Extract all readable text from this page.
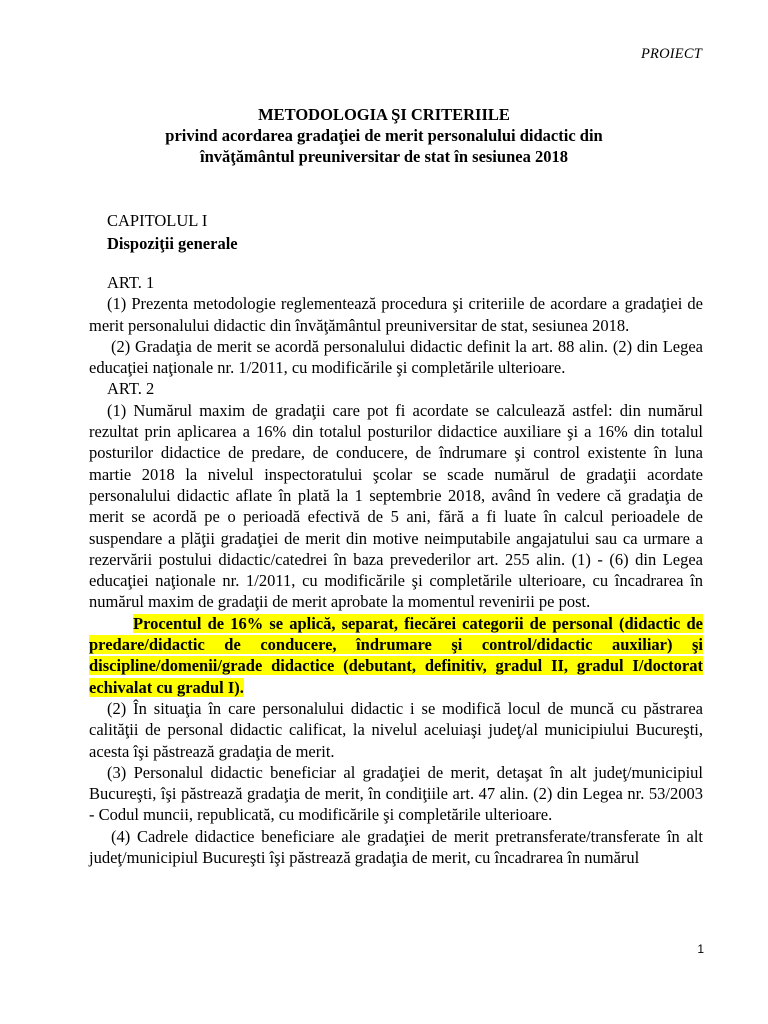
PROIECT
METODOLOGIA ŞI CRITERIILE
privind acordarea gradaţiei de merit personalului didactic din
învăţământul preuniversitar de stat în sesiunea 2018
CAPITOLUL I
Dispoziţii generale

ART. 1

(1) Prezenta metodologie reglementează procedura şi criteriile de acordare a gradaţiei de merit personalului didactic din învăţământul preuniversitar de stat, sesiunea 2018.

(2) Gradaţia de merit se acordă personalului didactic definit la art. 88 alin. (2) din Legea educaţiei naţionale nr. 1/2011, cu modificările şi completările ulterioare.

ART. 2

(1) Numărul maxim de gradaţii care pot fi acordate se calculează astfel: din numărul rezultat prin aplicarea a 16% din totalul posturilor didactice auxiliare şi a 16% din totalul posturilor didactice de predare, de conducere, de îndrumare şi control existente în luna martie 2018 la nivelul inspectoratului şcolar se scade numărul de gradaţii acordate personalului didactic aflate în plată la 1 septembrie 2018, având în vedere că gradaţia de merit se acordă pe o perioadă efectivă de 5 ani, fără a fi luate în calcul perioadele de suspendare a plăţii gradaţiei de merit din motive neimputabile angajatului sau ca urmare a rezervării postului didactic/catedrei în baza prevederilor art. 255 alin. (1) - (6) din Legea educaţiei naţionale nr. 1/2011, cu modificările şi completările ulterioare, cu încadrarea în numărul maxim de gradaţii de merit aprobate la momentul revenirii pe post.

Procentul de 16% se aplică, separat, fiecărei categorii de personal (didactic de predare/didactic de conducere, îndrumare şi control/didactic auxiliar) şi discipline/domenii/grade didactice (debutant, definitiv, gradul II, gradul I/doctorat echivalat cu gradul I).

(2) În situaţia în care personalului didactic i se modifică locul de muncă cu păstrarea calităţii de personal didactic calificat, la nivelul aceluiaşi judeţ/al municipiului Bucureşti, acesta îşi păstrează gradaţia de merit.

(3) Personalul didactic beneficiar al gradaţiei de merit, detaşat în alt judeţ/municipiul Bucureşti, îşi păstrează gradaţia de merit, în condiţiile art. 47 alin. (2) din Legea nr. 53/2003 - Codul muncii, republicată, cu modificările şi completările ulterioare.

(4) Cadrele didactice beneficiare ale gradaţiei de merit pretransferate/transferate în alt judeţ/municipiul Bucureşti îşi păstrează gradaţia de merit, cu încadrarea în numărul

1
